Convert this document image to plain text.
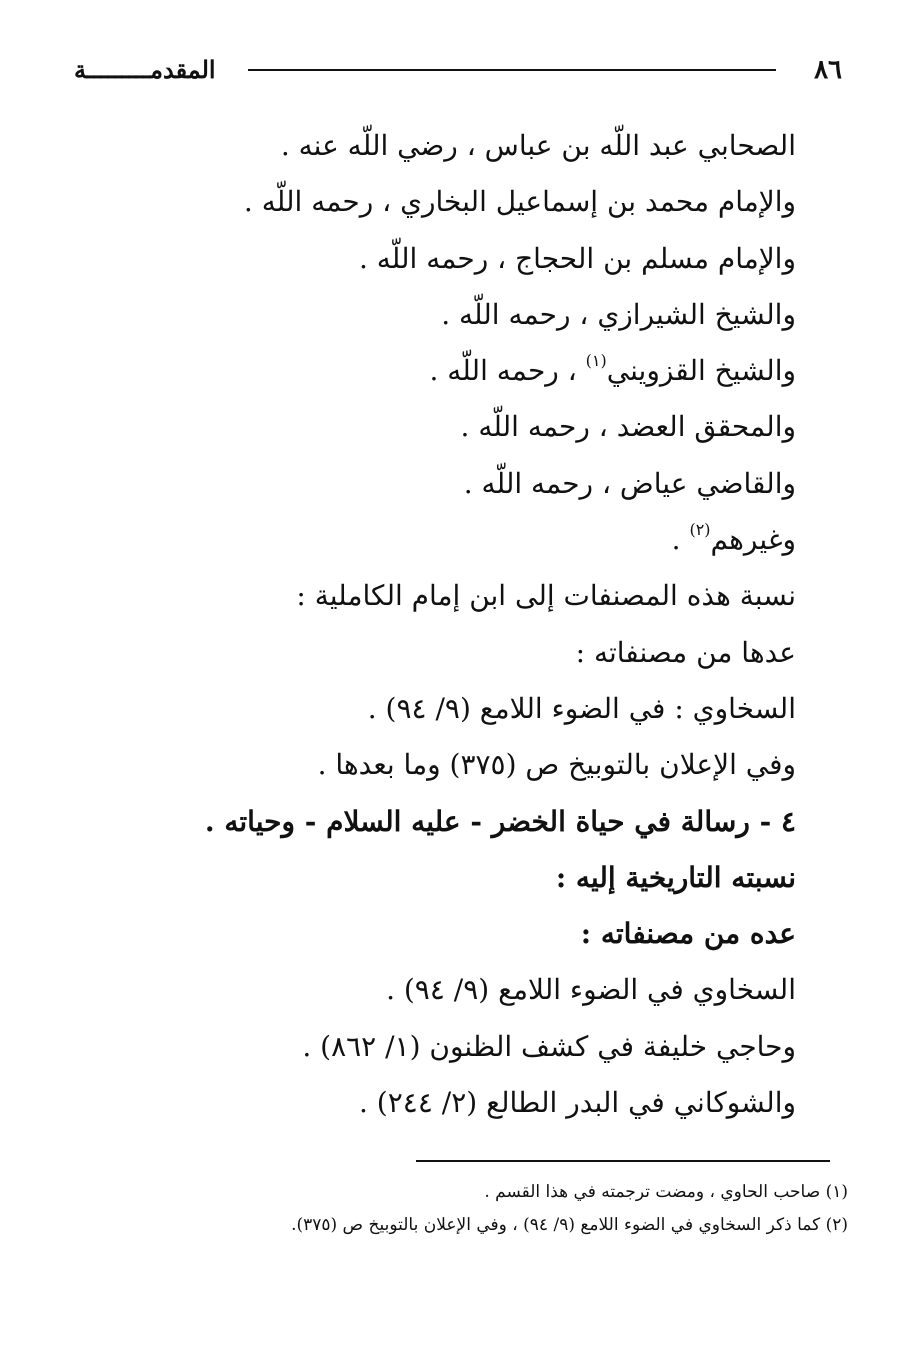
٨٦
المقدمـــــــــة
الصحابي عبد اللّه بن عباس ، رضي اللّه عنه .
والإمام محمد بن إسماعيل البخاري ، رحمه اللّه .
والإمام مسلم بن الحجاج ، رحمه اللّه .
والشيخ الشيرازي ، رحمه اللّه .
والشيخ القزويني$^{(١)}$ ، رحمه اللّه .
والمحقق العضد ، رحمه اللّه .
والقاضي عياض ، رحمه اللّه .
وغيرهم$^{(٢)}$ .
نسبة هذه المصنفات إلى ابن إمام الكاملية :
عدها من مصنفاته :
السخاوي : في الضوء اللامع (٩/ ٩٤) .
وفي الإعلان بالتوبيخ ص (٣٧٥) وما بعدها .
٤ - رسالة في حياة الخضر - عليه السلام - وحياته .
نسبته التاريخية إليه :
عده من مصنفاته :
السخاوي في الضوء اللامع (٩/ ٩٤) .
وحاجي خليفة في كشف الظنون (١/ ٨٦٢) .
والشوكاني في البدر الطالع (٢/ ٢٤٤) .
(١) صاحب الحاوي ، ومضت ترجمته في هذا القسم .
(٢) كما ذكر السخاوي في الضوء اللامع (٩/ ٩٤) ، وفي الإعلان بالتوبيخ ص (٣٧٥).
